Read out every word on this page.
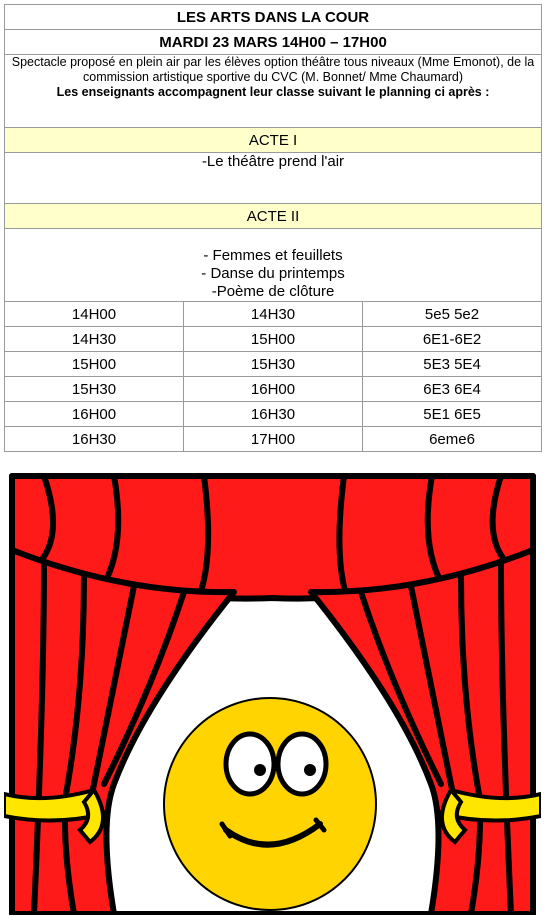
LES ARTS DANS LA COUR		
MARDI 23 MARS 14H00 – 17H00		
Spectacle proposé en plein air par les élèves option théâtre tous niveaux (Mme Emonot), de la commission artistique sportive du CVC (M. Bonnet/ Mme Chaumard)
Les enseignants accompagnent leur classe suivant le planning ci après :		

ACTE I		

-Le théâtre prend l'air		

ACTE II		

- Femmes et feuillets
- Danse du printemps
-Poème de clôture		

14H00	14H30	5e5 5e2
14H30	15H00	6E1-6E2
15H00	15H30	5E3 5E4
15H30	16H00	6E3 6E4
16H00	16H30	5E1 6E5
16H30	17H00	6eme6
